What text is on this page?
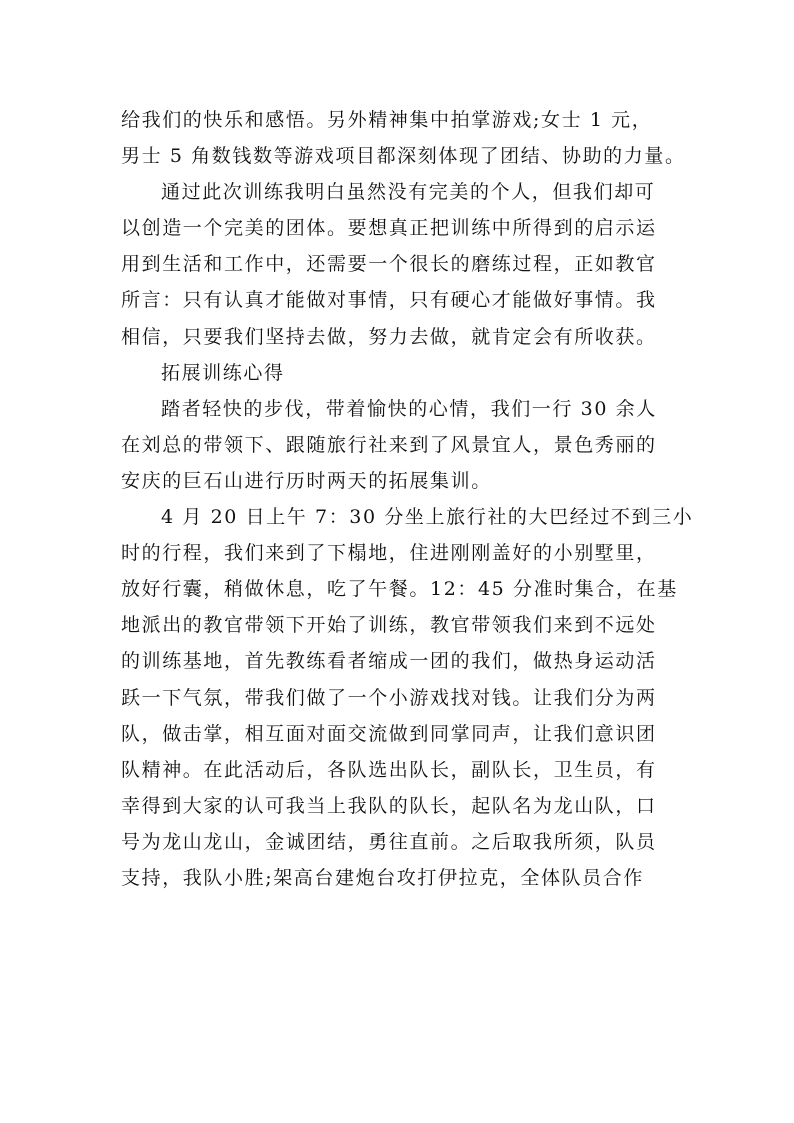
给我们的快乐和感悟。另外精神集中拍掌游戏;女士 1 元，
男士 5 角数钱数等游戏项目都深刻体现了团结、协助的力量。
通过此次训练我明白虽然没有完美的个人，但我们却可
以创造一个完美的团体。要想真正把训练中所得到的启示运
用到生活和工作中，还需要一个很长的磨练过程，正如教官
所言：只有认真才能做对事情，只有硬心才能做好事情。我
相信，只要我们坚持去做，努力去做，就肯定会有所收获。
拓展训练心得
踏者轻快的步伐，带着愉快的心情，我们一行 30 余人
在刘总的带领下、跟随旅行社来到了风景宜人，景色秀丽的
安庆的巨石山进行历时两天的拓展集训。
4 月 20 日上午 7：30 分坐上旅行社的大巴经过不到三小
时的行程，我们来到了下榻地，住进刚刚盖好的小别墅里，
放好行囊，稍做休息，吃了午餐。12：45 分准时集合，在基
地派出的教官带领下开始了训练，教官带领我们来到不远处
的训练基地，首先教练看者缩成一团的我们，做热身运动活
跃一下气氛，带我们做了一个小游戏找对钱。让我们分为两
队，做击掌，相互面对面交流做到同掌同声，让我们意识团
队精神。在此活动后，各队选出队长，副队长，卫生员，有
幸得到大家的认可我当上我队的队长，起队名为龙山队，口
号为龙山龙山，金诚团结，勇往直前。之后取我所须，队员
支持，我队小胜;架高台建炮台攻打伊拉克，全体队员合作
